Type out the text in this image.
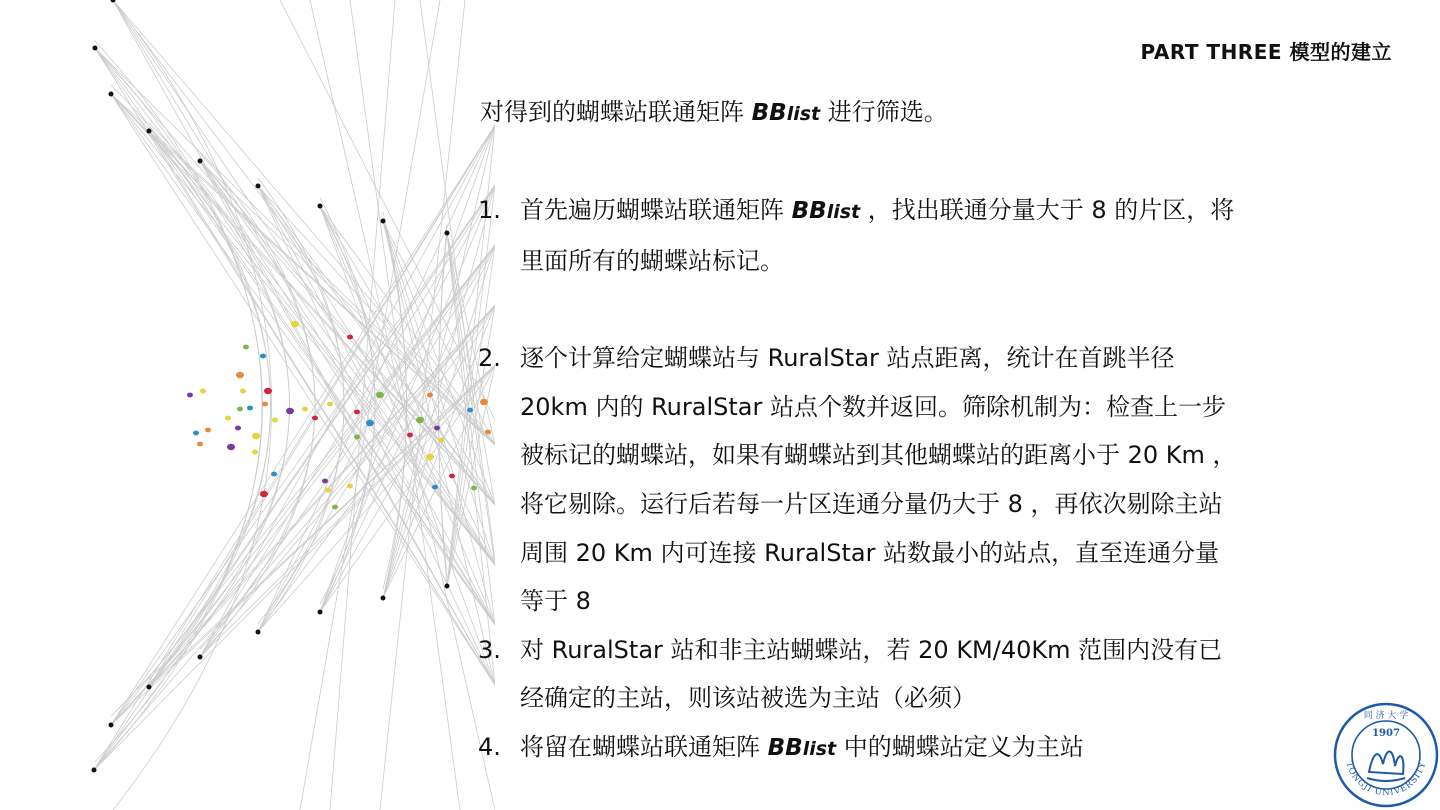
PART THREE 模型的建立
对得到的蝴蝶站联通矩阵 BBlist 进行筛选。
1. 首先遍历蝴蝶站联通矩阵 BBlist ，找出联通分量大于 8 的片区，将里面所有的蝴蝶站标记。
2. 逐个计算给定蝴蝶站与 RuralStar 站点距离，统计在首跳半径 20km 内的 RuralStar 站点个数并返回。筛除机制为：检查上一步被标记的蝴蝶站，如果有蝴蝶站到其他蝴蝶站的距离小于 20 Km ，将它剔除。运行后若每一片区连通分量仍大于 8 ，再依次剔除主站周围 20 Km 内可连接 RuralStar 站数最小的站点，直至连通分量等于 8
3. 对 RuralStar 站和非主站蝴蝶站，若 20 KM/40Km 范围内没有已经确定的主站，则该站被选为主站（必须）
4. 将留在蝴蝶站联通矩阵 BBlist 中的蝴蝶站定义为主站	1907
TONGJI UNIVERSITY
同 济 大 学
